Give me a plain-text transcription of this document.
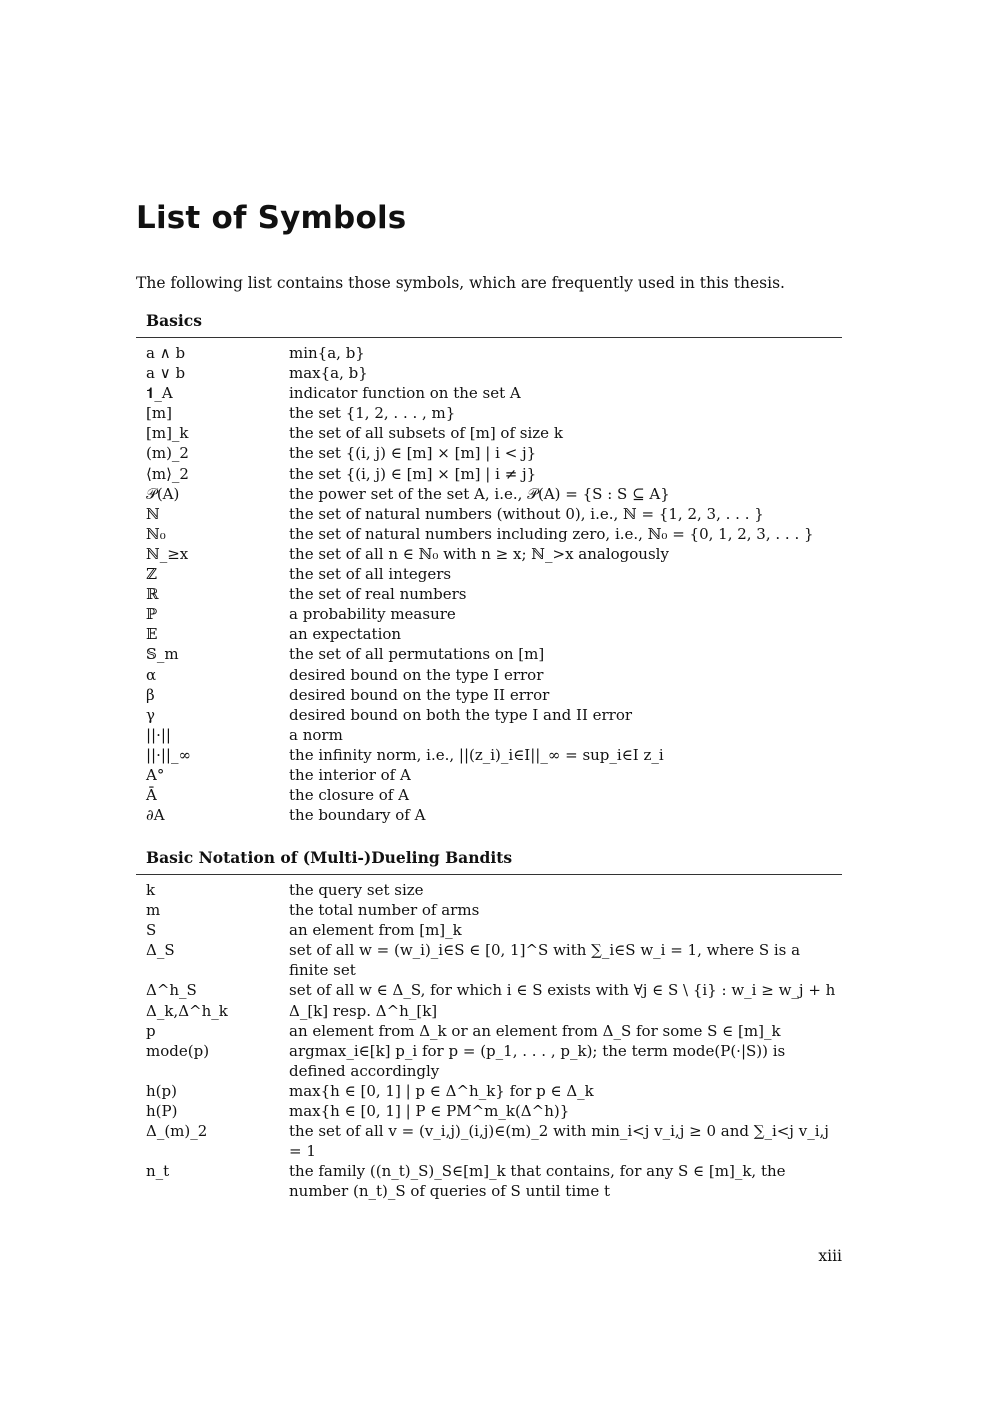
List of Symbols

The following list contains those symbols, which are frequently used in this thesis.

Basics
a ∧ b	min{a, b}
a ∨ b	max{a, b}
𝟏_A	indicator function on the set A
[m]	the set {1, 2, . . . , m}
[m]_k	the set of all subsets of [m] of size k
(m)_2	the set {(i, j) ∈ [m] × [m] | i < j}
⟨m⟩_2	the set {(i, j) ∈ [m] × [m] | i ≠ j}
𝒫(A)	the power set of the set A, i.e., 𝒫(A) = {S : S ⊆ A}
ℕ	the set of natural numbers (without 0), i.e., ℕ = {1, 2, 3, . . . }
ℕ₀	the set of natural numbers including zero, i.e., ℕ₀ = {0, 1, 2, 3, . . . }
ℕ_≥x	the set of all n ∈ ℕ₀ with n ≥ x; ℕ_>x analogously
ℤ	the set of all integers
ℝ	the set of real numbers
ℙ	a probability measure
𝔼	an expectation
𝕊_m	the set of all permutations on [m]
α	desired bound on the type I error
β	desired bound on the type II error
γ	desired bound on both the type I and II error
||·||	a norm
||·||_∞	the infinity norm, i.e., ||(z_i)_i∈I||_∞ = sup_i∈I z_i
A°	the interior of A
Ā	the closure of A
∂A	the boundary of A
Basic Notation of (Multi-)Dueling Bandits
k	the query set size
m	the total number of arms
S	an element from [m]_k
Δ_S	set of all w = (w_i)_i∈S ∈ [0, 1]^S with ∑_i∈S w_i = 1, where S is a finite set
Δ^h_S	set of all w ∈ Δ_S, for which i ∈ S exists with ∀j ∈ S \ {i} : w_i ≥ w_j + h
Δ_k,Δ^h_k	Δ_[k] resp. Δ^h_[k]
p	an element from Δ_k or an element from Δ_S for some S ∈ [m]_k
mode(p)	argmax_i∈[k] p_i for p = (p_1, . . . , p_k); the term mode(P(·|S)) is defined accordingly
h(p)	max{h ∈ [0, 1] | p ∈ Δ^h_k} for p ∈ Δ_k
h(P)	max{h ∈ [0, 1] | P ∈ PM^m_k(Δ^h)}
Δ_(m)_2	the set of all v = (v_i,j)_(i,j)∈(m)_2 with min_i<j v_i,j ≥ 0 and ∑_i<j v_i,j = 1
n_t	the family ((n_t)_S)_S∈[m]_k that contains, for any S ∈ [m]_k, the number (n_t)_S of queries of S until time t
xiii
